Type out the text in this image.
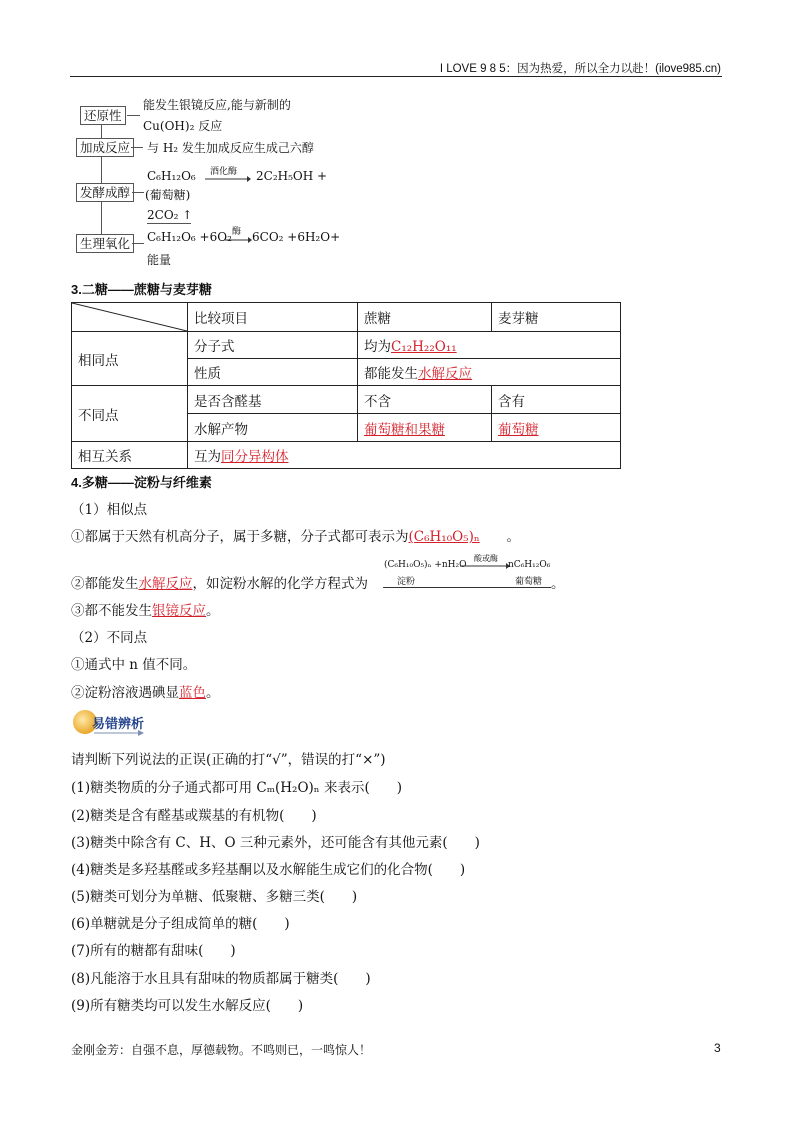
I LOVE 9 8 5：因为热爱，所以全力以赴！(ilove985.cn)
还原性
能发生银镜反应,能与新制的
Cu(OH)₂ 反应
加成反应	与 H₂ 发生加成反应生成己六醇
发酵成醇
C₆H₁₂O₆ 酒化酶 2C₂H₅OH +
(葡萄糖)
2CO₂ ↑
生理氧化	C₆H₁₂O₆ +6O₂ 酶 6CO₂ +6H₂O+
能量
3.二糖——蔗糖与麦芽糖
	比较项目	蔗糖	麦芽糖
相同点	分子式	均为C₁₂H₂₂O₁₁	
	性质	都能发生水解反应	
不同点	是否含醛基	不含	含有
	水解产物	葡萄糖和果糖	葡萄糖
相互关系	互为同分异构体		
4.多糖——淀粉与纤维素
（1）相似点
①都属于天然有机高分子，属于多糖，分子式都可表示为(C₆H₁₀O₅)ₙ 。
②都能发生水解反应，如淀粉水解的化学方程式为
(C₆H₁₀O₅)ₙ +nH₂O
酸或酶
nC₆H₁₂O₆
淀粉	葡萄糖 。
③都不能发生银镜反应。
（2）不同点
①通式中 n 值不同。
②淀粉溶液遇碘显蓝色。
易错辨析
请判断下列说法的正误(正确的打“√”，错误的打“×”)
(1)糖类物质的分子通式都可用 Cₘ(H₂O)ₙ 来表示(　　)
(2)糖类是含有醛基或羰基的有机物(　　)
(3)糖类中除含有 C、H、O 三种元素外，还可能含有其他元素(　　)
(4)糖类是多羟基醛或多羟基酮以及水解能生成它们的化合物(　　)
(5)糖类可划分为单糖、低聚糖、多糖三类(　　)
(6)单糖就是分子组成简单的糖(　　)
(7)所有的糖都有甜味(　　)
(8)凡能溶于水且具有甜味的物质都属于糖类(　　)
(9)所有糖类均可以发生水解反应(　　)
金刚金芳：自强不息，厚德载物。不鸣则已，一鸣惊人！	3
